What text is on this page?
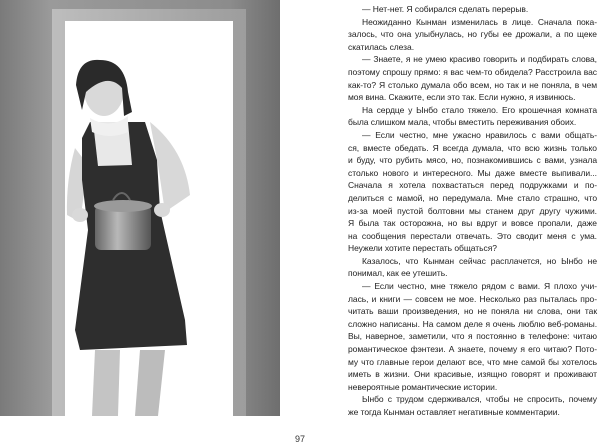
— Нет-нет. Я собирался сделать перерыв.
Неожиданно Кынман изменилась в лице. Сначала пока-
залось, что она улыбнулась, но губы ее дрожали, а по щеке
скатилась слеза.
— Знаете, я не умею красиво говорить и подбирать слова,
поэтому спрошу прямо: я вас чем-то обидела? Расстроила вас
как-то? Я столько думала обо всем, но так и не поняла, в чем
моя вина. Скажите, если это так. Если нужно, я извинюсь.
На сердце у Ынбо стало тяжело. Его крошечная комната
была слишком мала, чтобы вместить переживания обоих.
— Если честно, мне ужасно нравилось с вами общать-
ся, вместе обедать. Я всегда думала, что всю жизнь только
и буду, что рубить мясо, но, познакомившись с вами, узнала
столько нового и интересного. Мы даже вместе выпивали...
Сначала я хотела похвастаться перед подружками и по-
делиться с мамой, но передумала. Мне стало страшно, что
из-за моей пустой болтовни мы станем друг другу чужими.
Я была так осторожна, но вы вдруг и вовсе пропали, даже
на сообщения перестали отвечать. Это сводит меня с ума.
Неужели хотите перестать общаться?
Казалось, что Кынман сейчас расплачется, но Ынбо не
понимал, как ее утешить.
— Если честно, мне тяжело рядом с вами. Я плохо учи-
лась, и книги — совсем не мое. Несколько раз пыталась про-
читать ваши произведения, но не поняла ни слова, они так
сложно написаны. На самом деле я очень люблю веб-романы.
Вы, наверное, заметили, что я постоянно в телефоне: читаю
романтическое фэнтези. А знаете, почему я его читаю? Пото-
му что главные герои делают все, что мне самой бы хотелось
иметь в жизни. Они красивые, изящно говорят и проживают
невероятные романтические истории.
Ынбо с трудом сдерживался, чтобы не спросить, почему
же тогда Кынман оставляет негативные комментарии.
97
